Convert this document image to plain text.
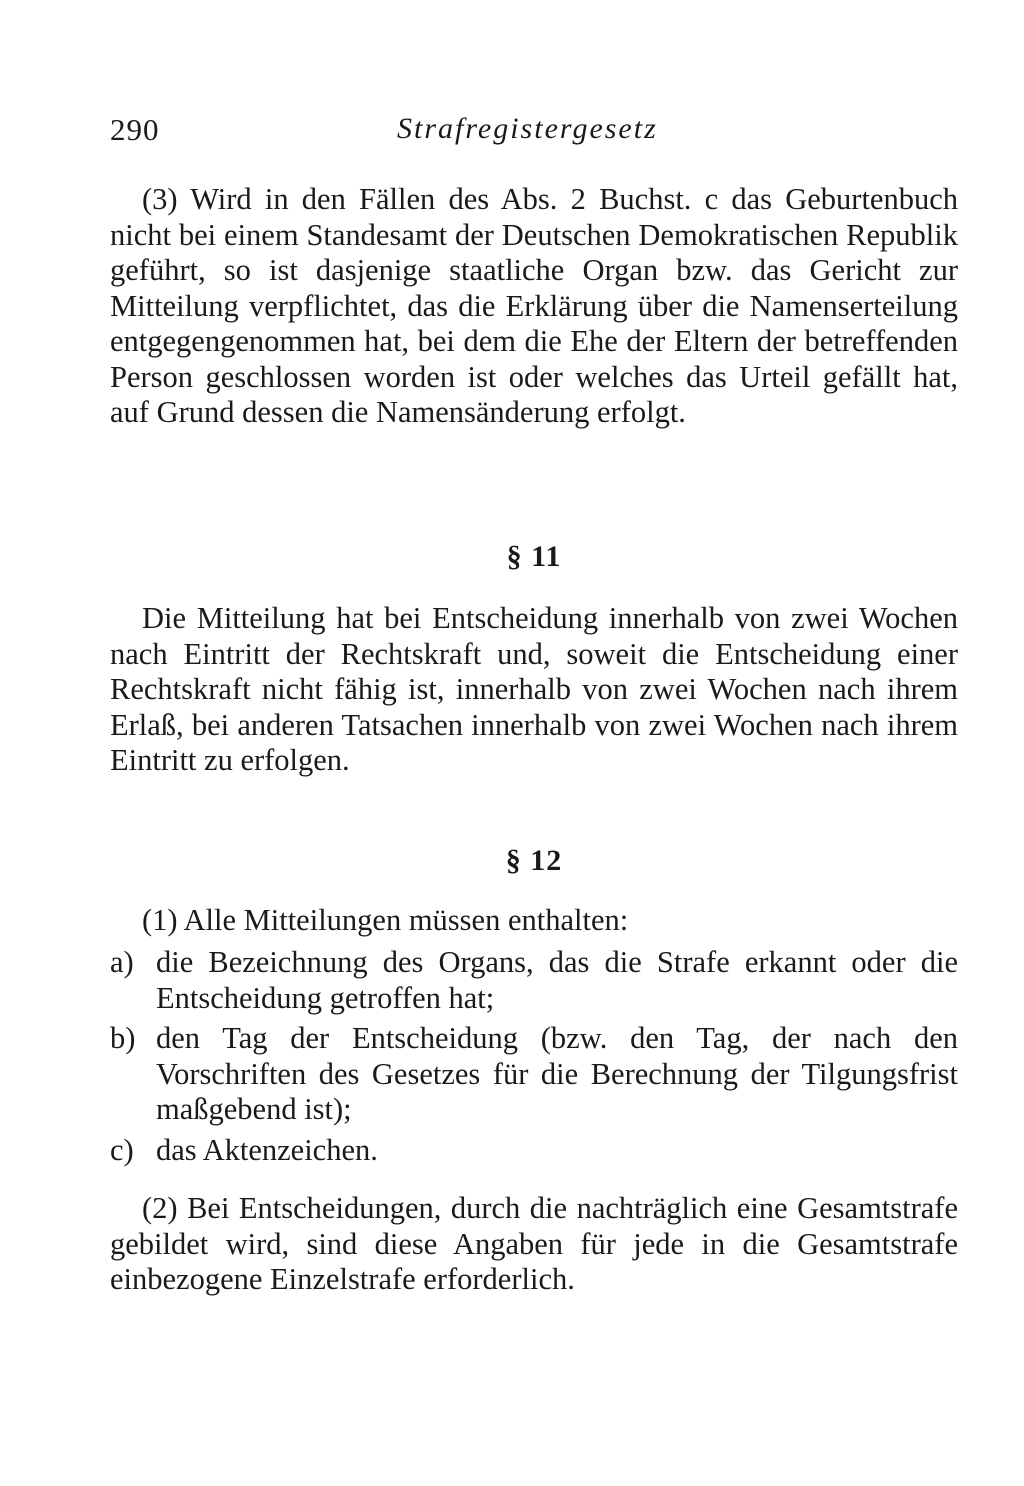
290	Strafregistergesetz

(3) Wird in den Fällen des Abs. 2 Buchst. c das Geburtenbuch nicht bei einem Standesamt der Deutschen Demokratischen Republik geführt, so ist dasjenige staatliche Organ bzw. das Gericht zur Mitteilung verpflichtet, das die Erklärung über die Namenserteilung entgegengenommen hat, bei dem die Ehe der Eltern der betreffenden Person geschlossen worden ist oder welches das Urteil gefällt hat, auf Grund dessen die Namensänderung erfolgt.

§ 11

Die Mitteilung hat bei Entscheidung innerhalb von zwei Wochen nach Eintritt der Rechtskraft und, soweit die Entscheidung einer Rechtskraft nicht fähig ist, innerhalb von zwei Wochen nach ihrem Erlaß, bei anderen Tatsachen innerhalb von zwei Wochen nach ihrem Eintritt zu erfolgen.

§ 12

(1) Alle Mitteilungen müssen enthalten:

a) die Bezeichnung des Organs, das die Strafe erkannt oder die Entscheidung getroffen hat;
b) den Tag der Entscheidung (bzw. den Tag, der nach den Vorschriften des Gesetzes für die Berechnung der Tilgungsfrist maßgebend ist);
c) das Aktenzeichen.

(2) Bei Entscheidungen, durch die nachträglich eine Gesamtstrafe gebildet wird, sind diese Angaben für jede in die Gesamtstrafe einbezogene Einzelstrafe erforderlich.
